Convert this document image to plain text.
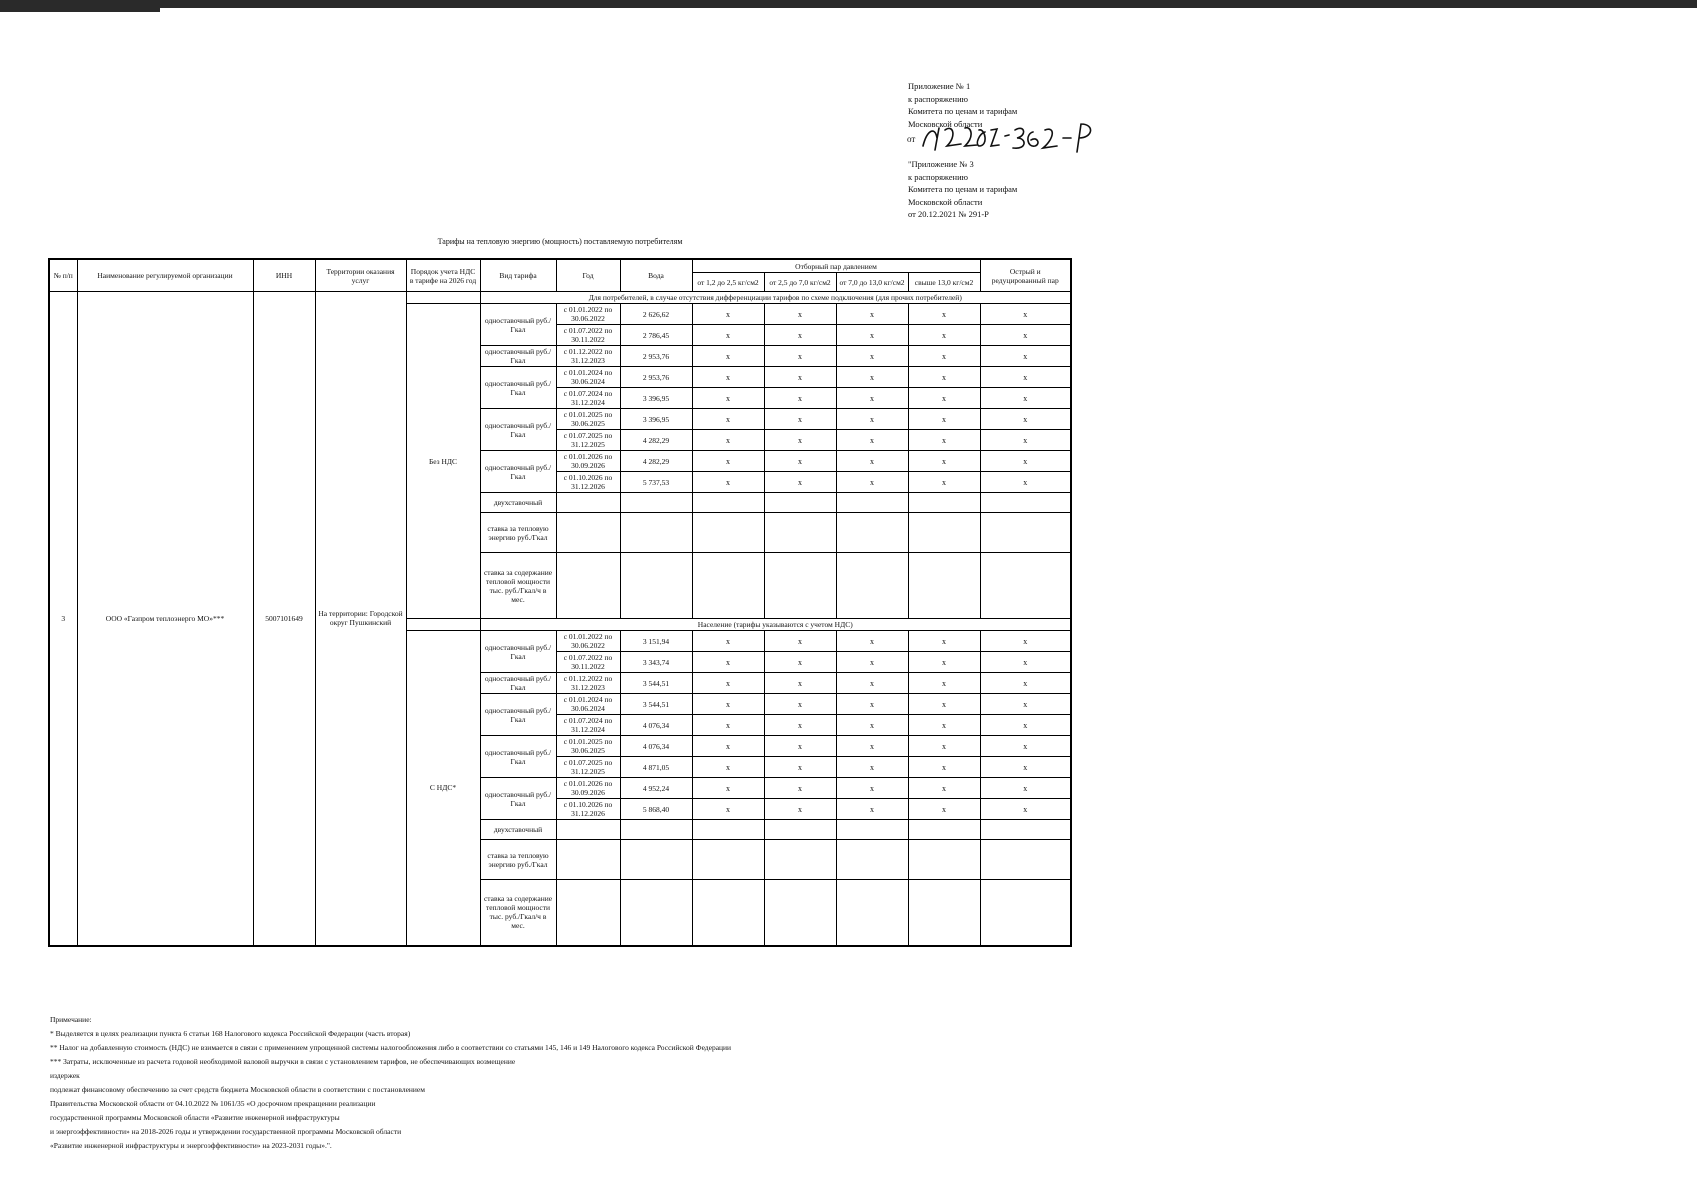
Приложение № 1
к распоряжению
Комитета по ценам и тарифам
Московской области
от
"Приложение № 3
к распоряжению
Комитета по ценам и тарифам
Московской области
от 20.12.2021 № 291-Р
Тарифы на тепловую энергию (мощность) поставляемую потребителям
№ п/п	Наименование регулируемой организации	ИНН	Территории оказания услуг	Порядок учета НДС в тарифе на 2026 год	Вид тарифа	Год	Вода	Отборный пар давлением				Острый и редуцированный пар
								от 1,2 до 2,5 кг/см2	от 2,5 до 7,0 кг/см2	от 7,0 до 13,0 кг/см2	свыше 13,0 кг/см2	
3	ООО «Газпром теплоэнерго МО»***	5007101649	На территории: Городской округ Пушкинский		Для потребителей, в случае отсутствия дифференциации тарифов по схеме подключения (для прочих потребителей)							
				Без НДС	одноставочный руб./Гкал	с 01.01.2022 по 30.06.2022	2 626,62	х	х	х	х	х
						с 01.07.2022 по 30.11.2022	2 786,45	х	х	х	х	х
					одноставочный руб./Гкал	с 01.12.2022 по 31.12.2023	2 953,76	х	х	х	х	х
					одноставочный руб./Гкал	с 01.01.2024 по 30.06.2024	2 953,76	х	х	х	х	х
						с 01.07.2024 по 31.12.2024	3 396,95	х	х	х	х	х
					одноставочный руб./Гкал	с 01.01.2025 по 30.06.2025	3 396,95	х	х	х	х	х
						с 01.07.2025 по 31.12.2025	4 282,29	х	х	х	х	х
					одноставочный руб./Гкал	с 01.01.2026 по 30.09.2026	4 282,29	х	х	х	х	х
						с 01.10.2026 по 31.12.2026	5 737,53	х	х	х	х	х
					двухставочный							
					ставка за тепловую энергию руб./Гкал							
					ставка за содержание тепловой мощности тыс. руб./Гкал/ч в мес.							
					Население (тарифы указываются с учетом НДС)							
				С НДС*	одноставочный руб./Гкал	с 01.01.2022 по 30.06.2022	3 151,94	х	х	х	х	х
						с 01.07.2022 по 30.11.2022	3 343,74	х	х	х	х	х
					одноставочный руб./Гкал	с 01.12.2022 по 31.12.2023	3 544,51	х	х	х	х	х
					одноставочный руб./Гкал	с 01.01.2024 по 30.06.2024	3 544,51	х	х	х	х	х
						с 01.07.2024 по 31.12.2024	4 076,34	х	х	х	х	х
					одноставочный руб./Гкал	с 01.01.2025 по 30.06.2025	4 076,34	х	х	х	х	х
						с 01.07.2025 по 31.12.2025	4 871,05	х	х	х	х	х
					одноставочный руб./Гкал	с 01.01.2026 по 30.09.2026	4 952,24	х	х	х	х	х
						с 01.10.2026 по 31.12.2026	5 868,40	х	х	х	х	х
					двухставочный							
					ставка за тепловую энергию руб./Гкал							
					ставка за содержание тепловой мощности тыс. руб./Гкал/ч в мес.							
Примечание:
* Выделяется в целях реализации пункта 6 статьи 168 Налогового кодекса Российской Федерации (часть вторая)
** Налог на добавленную стоимость (НДС) не взимается в связи с применением упрощенной системы налогообложения либо в соответствии со статьями 145, 146 и 149 Налогового кодекса Российской Федерации
*** Затраты, исключенные из расчета годовой необходимой валовой выручки в связи с установлением тарифов, не обеспечивающих возмещение
издержек
подлежат финансовому обеспечению за счет средств бюджета Московской области в соответствии с постановлением
Правительства Московской области от 04.10.2022 № 1061/35 «О досрочном прекращении реализации
государственной программы Московской области «Развитие инженерной инфраструктуры
и энергоэффективности» на 2018-2026 годы и утверждении государственной программы Московской области
«Развитие инженерной инфраструктуры и энергоэффективности» на 2023-2031 годы».".
